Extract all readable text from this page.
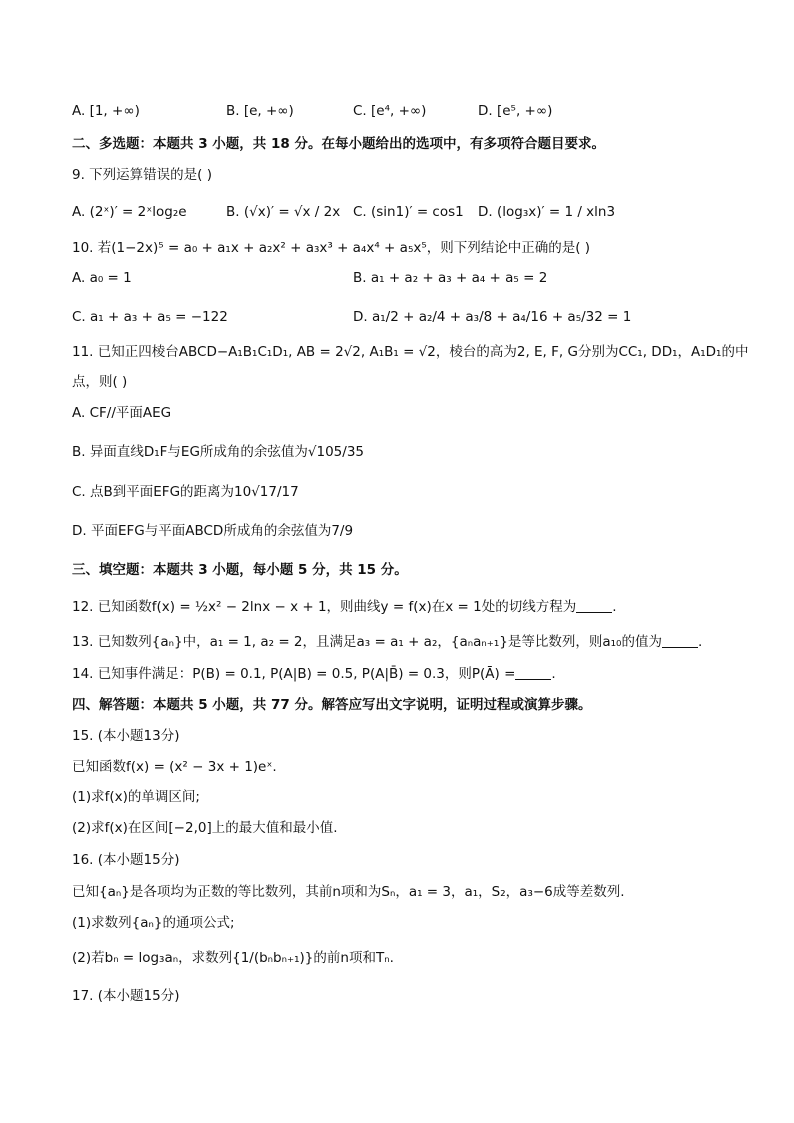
A. [1, +∞)	B. [e, +∞)	C. [e⁴, +∞)	D. [e⁵, +∞)
二、多选题：本题共 3 小题，共 18 分。在每小题给出的选项中，有多项符合题目要求。
9. 下列运算错误的是( )
A. (2ˣ)′ = 2ˣlog₂e	B. (√x)′ = √x / 2x C. (sin1)′ = cos1 D. (log₃x)′ = 1 / xln3
10. 若(1−2x)⁵ = a₀ + a₁x + a₂x² + a₃x³ + a₄x⁴ + a₅x⁵，则下列结论中正确的是( )
A. a₀ = 1	B. a₁ + a₂ + a₃ + a₄ + a₅ = 2
C. a₁ + a₃ + a₅ = −122	D. a₁/2 + a₂/4 + a₃/8 + a₄/16 + a₅/32 = 1
11. 已知正四棱台ABCD−A₁B₁C₁D₁, AB = 2√2, A₁B₁ = √2，棱台的高为2, E, F, G分别为CC₁, DD₁，A₁D₁的中
点，则( )
A. CF//平面AEG
B. 异面直线D₁F与EG所成角的余弦值为√105/35
C. 点B到平面EFG的距离为10√17/17
D. 平面EFG与平面ABCD所成角的余弦值为7/9
三、填空题：本题共 3 小题，每小题 5 分，共 15 分。
12. 已知函数f(x) = ½x² − 2lnx − x + 1，则曲线y = f(x)在x = 1处的切线方程为	.
13. 已知数列{aₙ}中，a₁ = 1, a₂ = 2，且满足a₃ = a₁ + a₂，{aₙaₙ₊₁}是等比数列，则a₁₀的值为	.
14. 已知事件满足：P(B) = 0.1, P(A|B) = 0.5, P(A|B̄) = 0.3，则P(Ā) =	.
四、解答题：本题共 5 小题，共 77 分。解答应写出文字说明，证明过程或演算步骤。
15. (本小题13分)
已知函数f(x) = (x² − 3x + 1)eˣ.
(1)求f(x)的单调区间;
(2)求f(x)在区间[−2,0]上的最大值和最小值.
16. (本小题15分)
已知{aₙ}是各项均为正数的等比数列，其前n项和为Sₙ，a₁ = 3，a₁，S₂，a₃−6成等差数列.
(1)求数列{aₙ}的通项公式;
(2)若bₙ = log₃aₙ，求数列{1/(bₙbₙ₊₁)}的前n项和Tₙ.
17. (本小题15分)
